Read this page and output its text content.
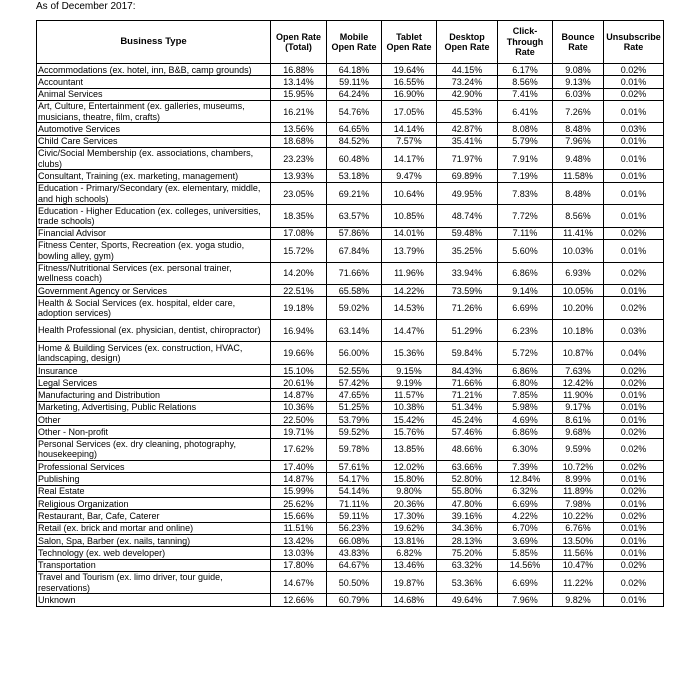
As of December 2017:
Business Type	Open Rate (Total)	Mobile Open Rate	Tablet Open Rate	Desktop Open Rate	Click-Through Rate	Bounce Rate	Unsubscribe Rate
Accommodations (ex. hotel, inn, B&B, camp grounds)	16.88%	64.18%	19.64%	44.15%	6.17%	9.08%	0.02%
Accountant	13.14%	59.11%	16.55%	73.24%	8.56%	9.13%	0.01%
Animal Services	15.95%	64.24%	16.90%	42.90%	7.41%	6.03%	0.02%
Art, Culture, Entertainment (ex. galleries, museums, musicians, theatre, film, crafts)	16.21%	54.76%	17.05%	45.53%	6.41%	7.26%	0.01%
Automotive Services	13.56%	64.65%	14.14%	42.87%	8.08%	8.48%	0.03%
Child Care Services	18.68%	84.52%	7.57%	35.41%	5.79%	7.96%	0.01%
Civic/Social Membership (ex. associations, chambers, clubs)	23.23%	60.48%	14.17%	71.97%	7.91%	9.48%	0.01%
Consultant, Training (ex. marketing, management)	13.93%	53.18%	9.47%	69.89%	7.19%	11.58%	0.01%
Education - Primary/Secondary (ex. elementary, middle, and high schools)	23.05%	69.21%	10.64%	49.95%	7.83%	8.48%	0.01%
Education - Higher Education (ex. colleges, universities, trade schools)	18.35%	63.57%	10.85%	48.74%	7.72%	8.56%	0.01%
Financial Advisor	17.08%	57.86%	14.01%	59.48%	7.11%	11.41%	0.02%
Fitness Center, Sports, Recreation (ex. yoga studio, bowling alley, gym)	15.72%	67.84%	13.79%	35.25%	5.60%	10.03%	0.01%
Fitness/Nutritional Services (ex. personal trainer, wellness coach)	14.20%	71.66%	11.96%	33.94%	6.86%	6.93%	0.02%
Government Agency or Services	22.51%	65.58%	14.22%	73.59%	9.14%	10.05%	0.01%
Health & Social Services (ex. hospital, elder care, adoption services)	19.18%	59.02%	14.53%	71.26%	6.69%	10.20%	0.02%
Health Professional (ex. physician, dentist, chiropractor)	16.94%	63.14%	14.47%	51.29%	6.23%	10.18%	0.03%
Home & Building Services (ex. construction, HVAC, landscaping, design)	19.66%	56.00%	15.36%	59.84%	5.72%	10.87%	0.04%
Insurance	15.10%	52.55%	9.15%	84.43%	6.86%	7.63%	0.02%
Legal Services	20.61%	57.42%	9.19%	71.66%	6.80%	12.42%	0.02%
Manufacturing and Distribution	14.87%	47.65%	11.57%	71.21%	7.85%	11.90%	0.01%
Marketing, Advertising, Public Relations	10.36%	51.25%	10.38%	51.34%	5.98%	9.17%	0.01%
Other	22.50%	53.79%	15.42%	45.24%	4.69%	8.61%	0.01%
Other - Non-profit	19.71%	59.52%	15.76%	57.46%	6.86%	9.68%	0.02%
Personal Services (ex. dry cleaning, photography, housekeeping)	17.62%	59.78%	13.85%	48.66%	6.30%	9.59%	0.02%
Professional Services	17.40%	57.61%	12.02%	63.66%	7.39%	10.72%	0.02%
Publishing	14.87%	54.17%	15.80%	52.80%	12.84%	8.99%	0.01%
Real Estate	15.99%	54.14%	9.80%	55.80%	6.32%	11.89%	0.02%
Religious Organization	25.62%	71.11%	20.36%	47.80%	6.69%	7.98%	0.01%
Restaurant, Bar, Cafe, Caterer	15.66%	59.11%	17.30%	39.16%	4.22%	10.22%	0.02%
Retail (ex. brick and mortar and online)	11.51%	56.23%	19.62%	34.36%	6.70%	6.76%	0.01%
Salon, Spa, Barber (ex. nails, tanning)	13.42%	66.08%	13.81%	28.13%	3.69%	13.50%	0.01%
Technology (ex. web developer)	13.03%	43.83%	6.82%	75.20%	5.85%	11.56%	0.01%
Transportation	17.80%	64.67%	13.46%	63.32%	14.56%	10.47%	0.02%
Travel and Tourism (ex. limo driver, tour guide, reservations)	14.67%	50.50%	19.87%	53.36%	6.69%	11.22%	0.02%
Unknown	12.66%	60.79%	14.68%	49.64%	7.96%	9.82%	0.01%
